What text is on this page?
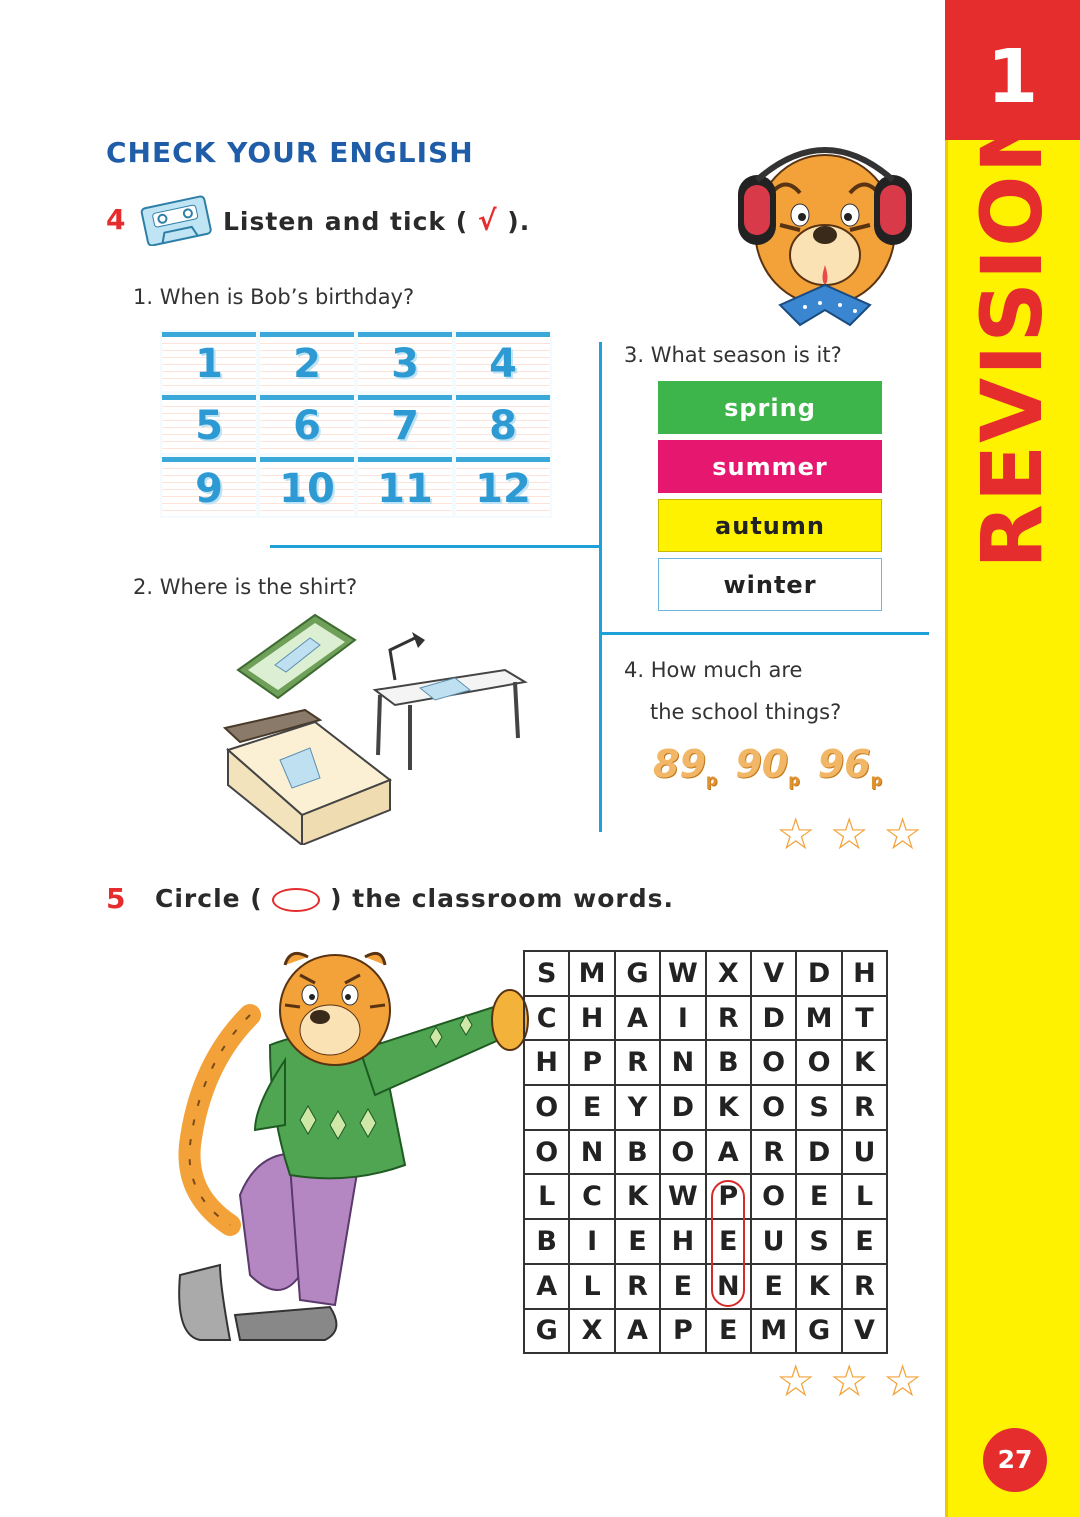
1
REVISION
27
CHECK YOUR ENGLISH
4	Listen and tick ( √ ).
1. When is Bob’s birthday?
1 2 3 4
5 6 7 8
9 10 11 12
3. What season is it?
spring
summer
autumn
winter
2. Where is the shirt?
4. How much are
the school things?
$89_p$ $90_p$ $96_p$
☆ ☆ ☆
5 Circle (	) the classroom words.
S	M	G	W	X	V	D	H
C	H	A	I	R	D	M	T
H	P	R	N	B	O	O	K
O	E	Y	D	K	O	S	R
O	N	B	O	A	R	D	U
L	C	K	W	P	O	E	L
B	I	E	H	E	U	S	E
A	L	R	E	N	E	K	R
G	X	A	P	E	M	G	V
☆ ☆ ☆
